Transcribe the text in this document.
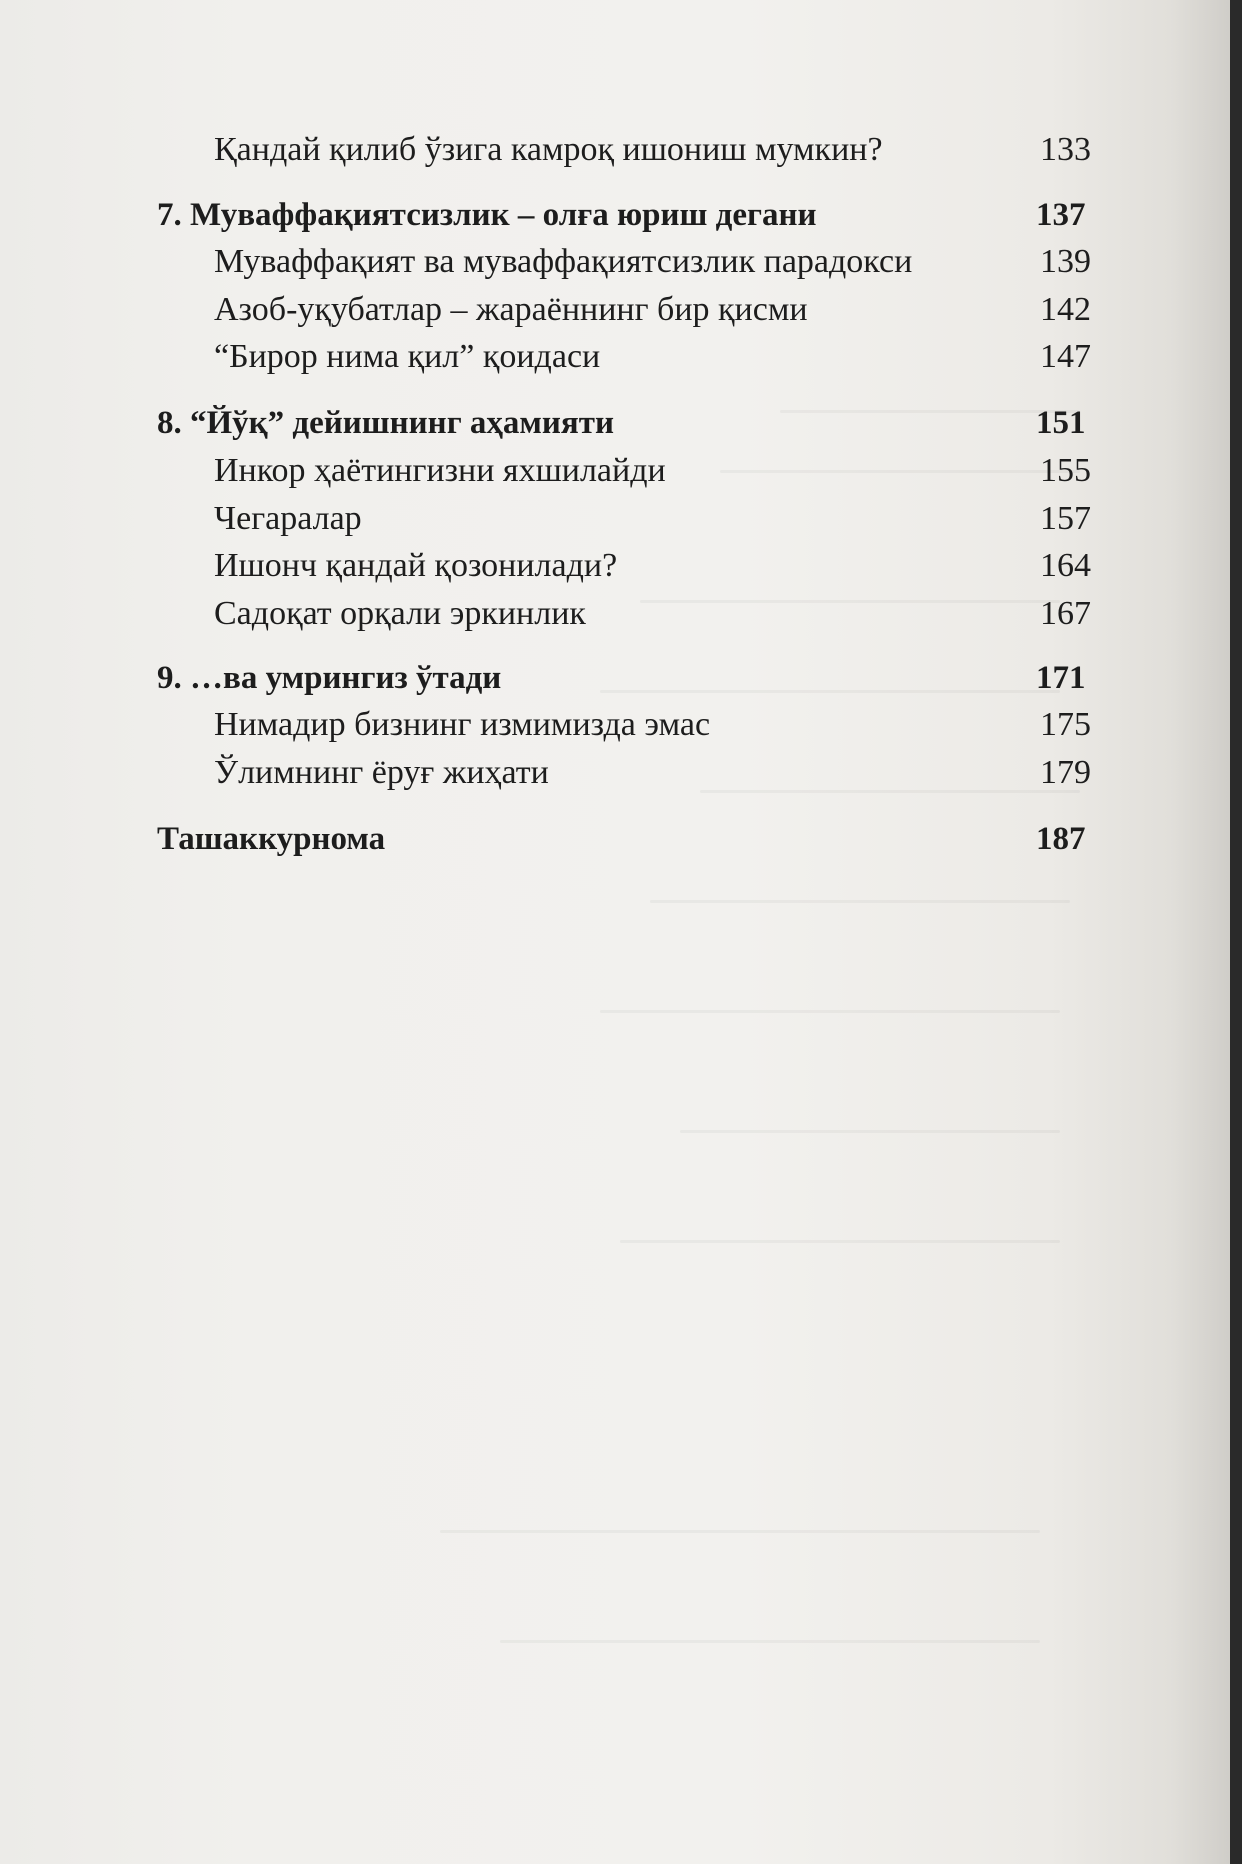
Қандай қилиб ўзига камроқ ишониш мумкин?	133
7. Муваффақиятсизлик – олға юриш дегани	137
Муваффақият ва муваффақиятсизлик парадокси	139
Азоб-уқубатлар – жараённинг бир қисми	142
“Бирор нима қил” қоидаси	147
8. “Йўқ” дейишнинг аҳамияти	151
Инкор ҳаётингизни яхшилайди	155
Чегаралар	157
Ишонч қандай қозонилади?	164
Садоқат орқали эркинлик	167
9. …ва умрингиз ўтади	171
Нимадир бизнинг измимизда эмас	175
Ўлимнинг ёруғ жиҳати	179
Ташаккурнома	187
